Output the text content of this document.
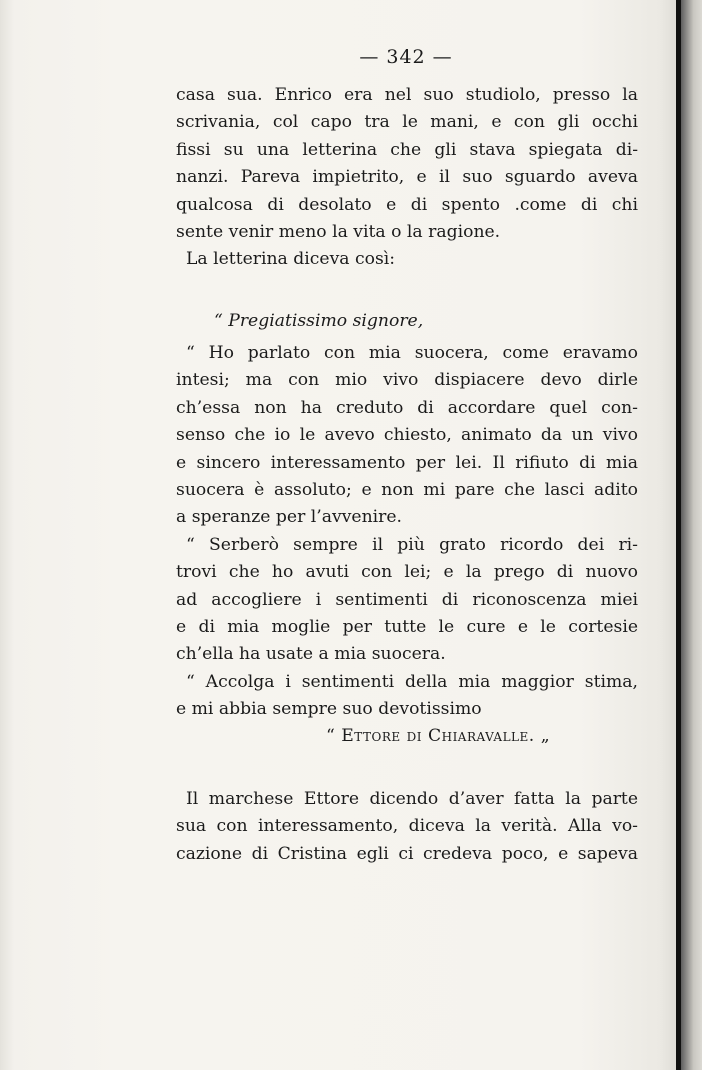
— 342 —
casa sua. Enrico era nel suo studiolo, presso la
scrivania, col capo tra le mani, e con gli occhi
fissi su una letterina che gli stava spiegata di-
nanzi. Pareva impietrito, e il suo sguardo aveva
qualcosa di desolato e di spento .come di chi
sente venir meno la vita o la ragione.
La letterina diceva così:
“ Pregiatissimo signore,
“ Ho parlato con mia suocera, come eravamo
intesi; ma con mio vivo dispiacere devo dirle
ch’essa non ha creduto di accordare quel con-
senso che io le avevo chiesto, animato da un vivo
e sincero interessamento per lei. Il rifiuto di mia
suocera è assoluto; e non mi pare che lasci adito
a speranze per l’avvenire.
“ Serberò sempre il più grato ricordo dei ri-
trovi che ho avuti con lei; e la prego di nuovo
ad accogliere i sentimenti di riconoscenza miei
e di mia moglie per tutte le cure e le cortesie
ch’ella ha usate a mia suocera.
“ Accolga i sentimenti della mia maggior stima,
e mi abbia sempre suo devotissimo
“ Ettore di Chiaravalle. „
Il marchese Ettore dicendo d’aver fatta la parte
sua con interessamento, diceva la verità. Alla vo-
cazione di Cristina egli ci credeva poco, e sapeva
